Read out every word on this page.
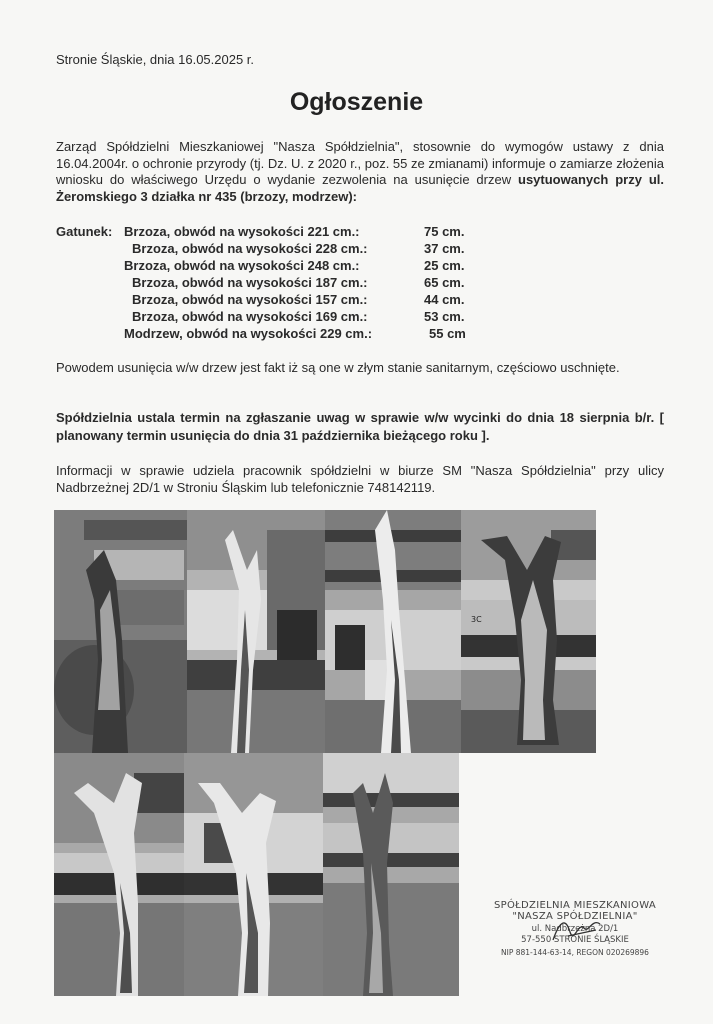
Stronie Śląskie, dnia 16.05.2025 r.
Ogłoszenie
Zarząd Spółdzielni Mieszkaniowej "Nasza Spółdzielnia", stosownie do wymogów ustawy z dnia 16.04.2004r. o ochronie przyrody (tj. Dz. U. z 2020 r., poz. 55 ze zmianami) informuje o zamiarze złożenia wniosku do właściwego Urzędu o wydanie zezwolenia na usunięcie drzew usytuowanych przy ul. Żeromskiego 3 działka nr 435 (brzozy, modrzew):
Gatunek: Brzoza, obwód na wysokości 221 cm.:	75 cm.
Brzoza, obwód na wysokości 228 cm.:	37 cm.
Brzoza, obwód na wysokości 248 cm.:	25 cm.
Brzoza, obwód na wysokości 187 cm.:	65 cm.
Brzoza, obwód na wysokości 157 cm.:	44 cm.
Brzoza, obwód na wysokości 169 cm.:	53 cm.
Modrzew, obwód na wysokości 229 cm.:	55 cm
Powodem usunięcia w/w drzew jest fakt iż są one w złym stanie sanitarnym, częściowo uschnięte.
Spółdzielnia ustala termin na zgłaszanie uwag w sprawie w/w wycinki do dnia 18 sierpnia b/r. [ planowany termin usunięcia do dnia 31 października bieżącego roku ].
Informacji w sprawie udziela pracownik spółdzielni w biurze SM "Nasza Spółdzielnia" przy ulicy Nadbrzeżnej 2D/1 w Stroniu Śląskim lub telefonicznie 748142119.
3C
SPÓŁDZIELNIA MIESZKANIOWA
"NASZA SPÓŁDZIELNIA"
ul. Nadbrzeżna 2D/1
57-550 STRONIE ŚLĄSKIE
NIP 881-144-63-14, REGON 020269896
